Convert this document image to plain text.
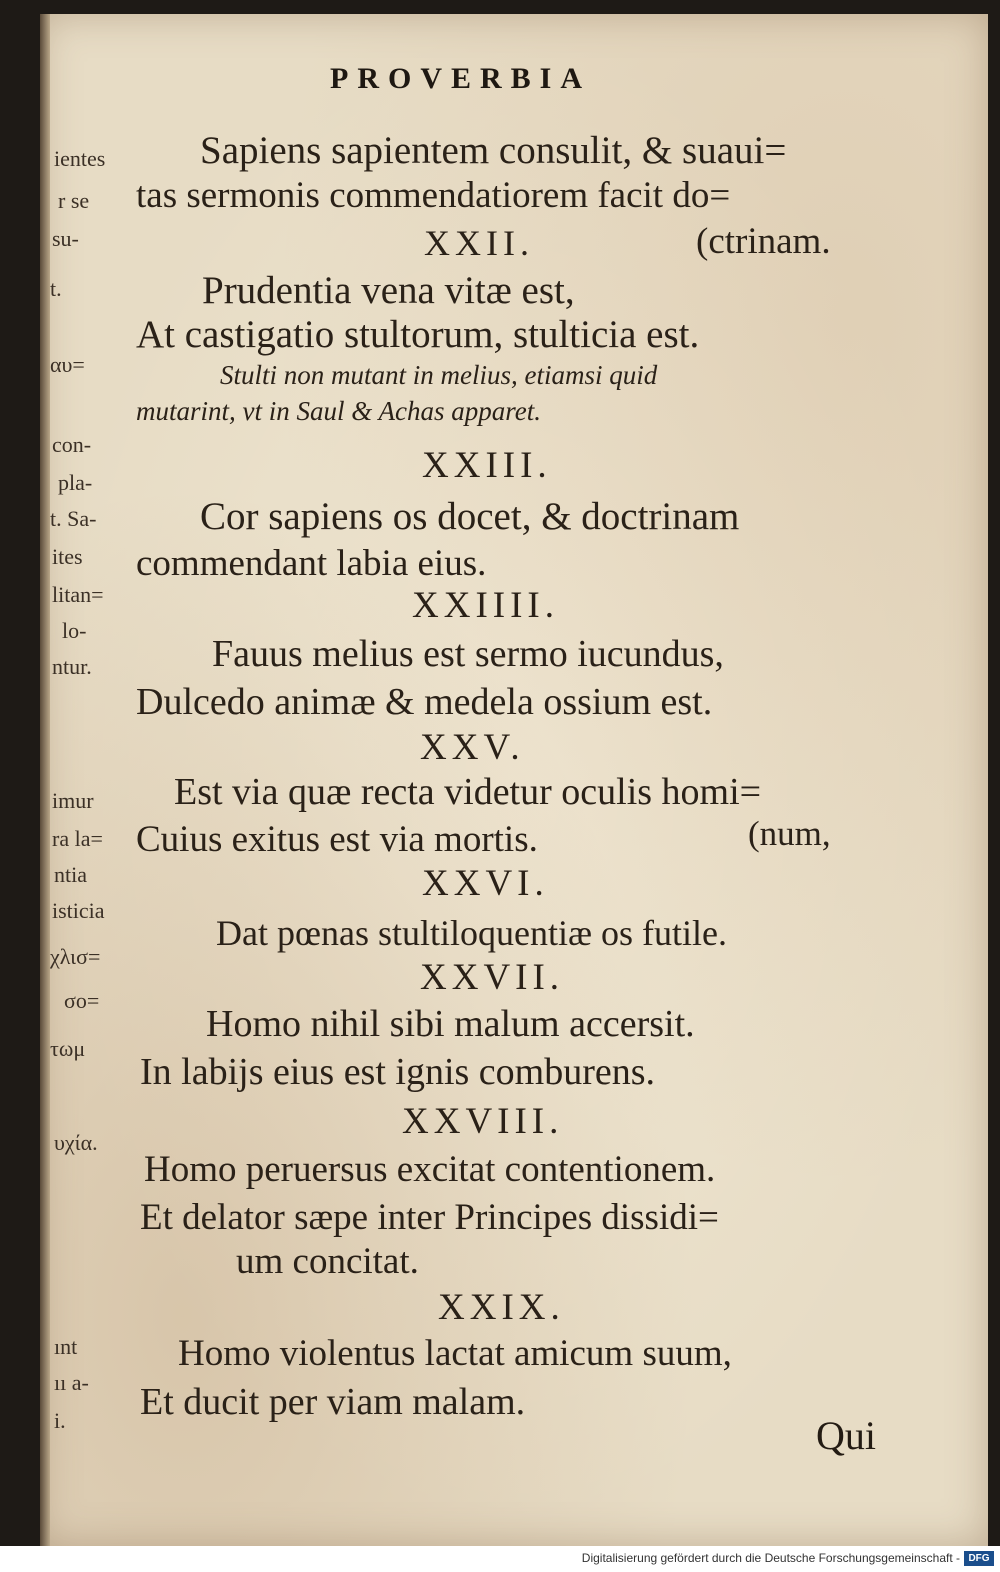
PROVERBIA
ientes
r se
su-
t.
αυ=
con-
pla-
t. Sa-
ites
litan=
lo-
ntur.
imur
ra la=
ntia
isticia
χλισ=
σο=
τωμ
υχία.
ınt
ıı a-
i.
Sapiens sapientem consulit, & suaui=
tas sermonis commendatiorem facit do=
XXII.	(ctrinam.
Prudentia vena vitæ est,
At castigatio stultorum, stulticia est.
Stulti non mutant in melius, etiamsi quid
mutarint, vt in Saul & Achas apparet.
XXIII.
Cor sapiens os docet, & doctrinam
commendant labia eius.
XXIIII.
Fauus melius est sermo iucundus,
Dulcedo animæ & medela ossium est.
XXV.
Est via quæ recta videtur oculis homi=
Cuius exitus est via mortis.	(num,
XXVI.
Dat pœnas stultiloquentiæ os futile.
XXVII.
Homo nihil sibi malum accersit.
In labijs eius est ignis comburens.
XXVIII.
Homo peruersus excitat contentionem.
Et delator sæpe inter Principes dissidi=
um concitat.
XXIX.
Homo violentus lactat amicum suum,
Et ducit per viam malam.
Qui
Digitalisierung gefördert durch die Deutsche Forschungsgemeinschaft - DFG
